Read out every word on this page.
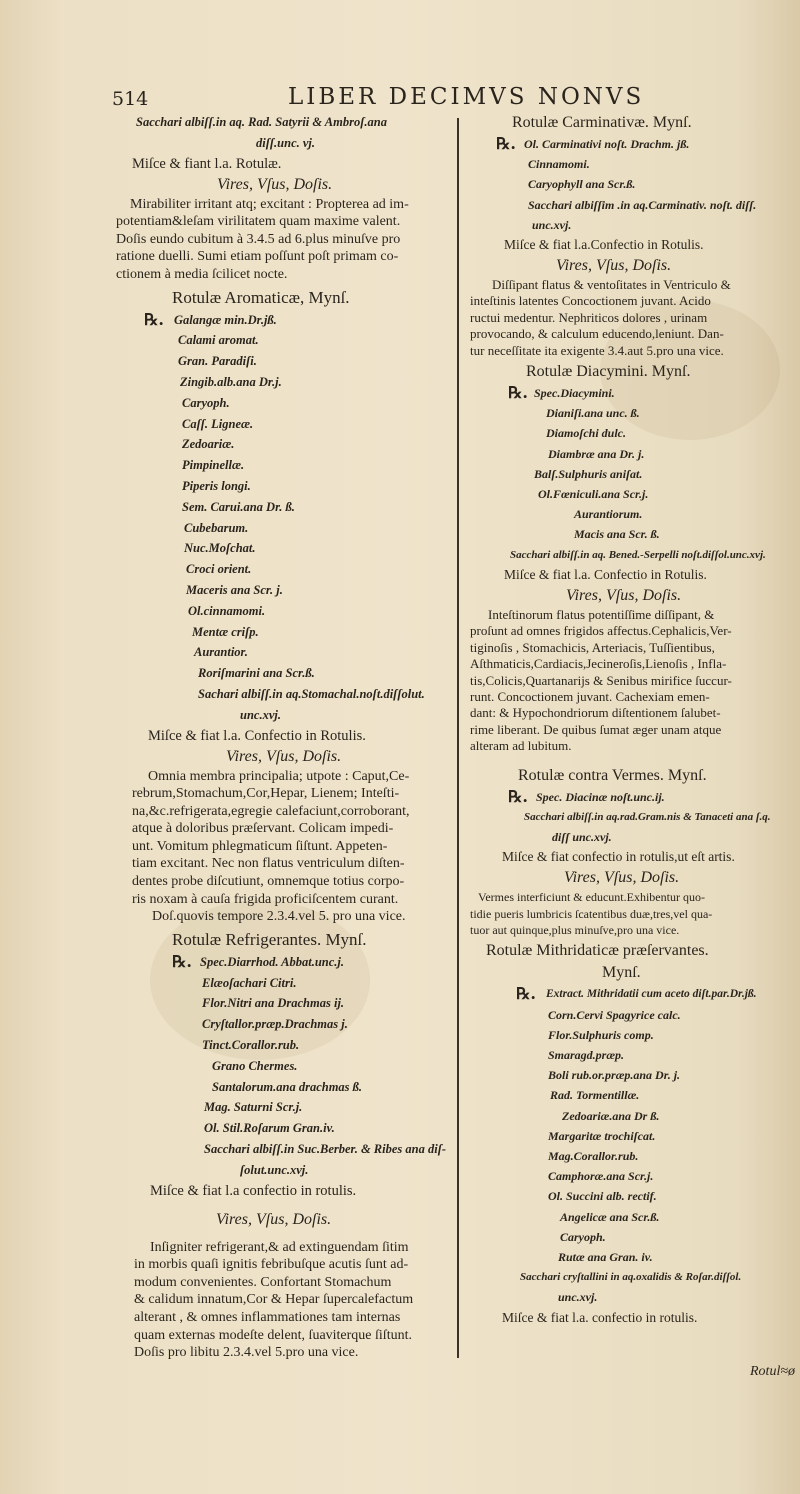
514	LIBER DECIMVS NONVS
Sacchari albiſſ.in aq. Rad. Satyrii & Ambroſ.ana
diſſ.unc. vj.
Miſce & fiant l.a. Rotulæ.
Vires, Vſus, Doſis.
Mirabiliter irritant atq; excitant : Propterea ad im-
potentiam&leſam virilitatem quam maxime valent.
Doſis eundo cubitum à 3.4.5 ad 6.plus minuſve pro
ratione duelli. Sumi etiam poſſunt poſt primam co-
ctionem à media ſcilicet nocte.
Rotulæ Aromaticæ, Mynſ.
℞. Galangæ min.Dr.jß.
Calami aromat.
Gran. Paradiſi.
Zingib.alb.ana Dr.j.
Caryoph.
Caſſ. Ligneæ.
Zedoariæ.
Pimpinellæ.
Piperis longi.
Sem. Carui.ana Dr. ß.
Cubebarum.
Nuc.Moſchat.
Croci orient.
Maceris ana Scr. j.
Ol.cinnamomi.
Mentæ criſp.
Aurantior.
Roriſmarini ana Scr.ß.
Sachari albiſſ.in aq.Stomachal.noſt.diſſolut.
unc.xvj.
Miſce & fiat l.a. Confectio in Rotulis.
Vires, Vſus, Doſis.
Omnia membra principalia; utpote : Caput,Ce-
rebrum,Stomachum,Cor,Hepar, Lienem; Inteſti-
na,&c.refrigerata,egregie calefaciunt,corroborant,
atque à doloribus præſervant. Colicam impedi-
unt. Vomitum phlegmaticum ſiſtunt. Appeten-
tiam excitant. Nec non flatus ventriculum diſten-
dentes probe diſcutiunt, omnemque totius corpo-
ris noxam à cauſa frigida proficiſcentem curant.
Doſ.quovis tempore 2.3.4.vel 5. pro una vice.
Rotulæ Refrigerantes. Mynſ.
℞. Spec.Diarrhod. Abbat.unc.j.
Elæoſachari Citri.
Flor.Nitri ana Drachmas ij.
Cryſtallor.præp.Drachmas j.
Tinct.Corallor.rub.
Grano Chermes.
Santalorum.ana drachmas ß.
Mag. Saturni Scr.j.
Ol. Stil.Roſarum Gran.iv.
Sacchari albiſſ.in Suc.Berber. & Ribes ana diſ-
ſolut.unc.xvj.
Miſce & fiat l.a confectio in rotulis.
Vires, Vſus, Doſis.
Inſigniter refrigerant,& ad extinguendam ſitim
in morbis quaſi ignitis febribuſque acutis ſunt ad-
modum convenientes. Confortant Stomachum
& calidum innatum,Cor & Hepar ſupercalefactum
alterant , & omnes inflammationes tam internas
quam externas modeſte delent, ſuaviterque ſiſtunt.
Doſis pro libitu 2.3.4.vel 5.pro una vice.
Rotulæ Carminativæ. Mynſ.
℞. Ol. Carminativi noſt. Drachm. jß.
Cinnamomi.
Caryophyll ana Scr.ß.
Sacchari albiſſim .in aq.Carminativ. noſt. diſſ.
unc.xvj.
Miſce & fiat l.a.Confectio in Rotulis.
Vires, Vſus, Doſis.
Diſſipant flatus & ventoſitates in Ventriculo &
inteſtinis latentes Concoctionem juvant. Acido
ructui medentur. Nephriticos dolores , urinam
provocando, & calculum educendo,leniunt. Dan-
tur neceſſitate ita exigente 3.4.aut 5.pro una vice.
Rotulæ Diacymini. Mynſ.
℞. Spec.Diacymini.
Dianiſi.ana unc. ß.
Diamoſchi dulc.
Diambræ ana Dr. j.
Balſ.Sulphuris aniſat.
Ol.Fœniculi.ana Scr.j.
Aurantiorum.
Macis ana Scr. ß.
Sacchari albiſſ.in aq. Bened.-Serpelli noſt.diſſol.unc.xvj.
Miſce & fiat l.a. Confectio in Rotulis.
Vires, Vſus, Doſis.
Inteſtinorum flatus potentiſſime diſſipant, &
proſunt ad omnes frigidos affectus.Cephalicis,Ver-
tiginoſis , Stomachicis, Arteriacis, Tuſſientibus,
Aſthmaticis,Cardiacis,Jecineroſis,Lienoſis , Infla-
tis,Colicis,Quartanarijs & Senibus mirifice ſuccur-
runt. Concoctionem juvant. Cachexiam emen-
dant: & Hypochondriorum diſtentionem ſalubet-
rime liberant. De quibus ſumat æger unam atque
alteram ad lubitum.
Rotulæ contra Vermes. Mynſ.
℞. Spec. Diacinæ noſt.unc.ij.
Sacchari albiſſ.in aq.rad.Gram.nis & Tanaceti ana ſ.q.
diſſ unc.xvj.
Miſce & fiat confectio in rotulis,ut eſt artis.
Vires, Vſus, Doſis.
Vermes interficiunt & educunt.Exhibentur quo-
tidie pueris lumbricis ſcatentibus duæ,tres,vel qua-
tuor aut quinque,plus minuſve,pro una vice.
Rotulæ Mithridaticæ præſervantes.
Mynſ.
℞. Extract. Mithridatii cum aceto diſt.par.Dr.jß.
Corn.Cervi Spagyrice calc.
Flor.Sulphuris comp.
Smaragd.præp.
Boli rub.or.præp.ana Dr. j.
Rad. Tormentillæ.
Zedoariæ.ana Dr ß.
Margaritæ trochiſcat.
Mag.Corallor.rub.
Camphoræ.ana Scr.j.
Ol. Succini alb. rectif.
Angelicæ ana Scr.ß.
Caryoph.
Rutæ ana Gran. iv.
Sacchari cryſtallini in aq.oxalidis & Roſar.diſſol.
unc.xvj.
Miſce & fiat l.a. confectio in rotulis.
Rotul≈ø
